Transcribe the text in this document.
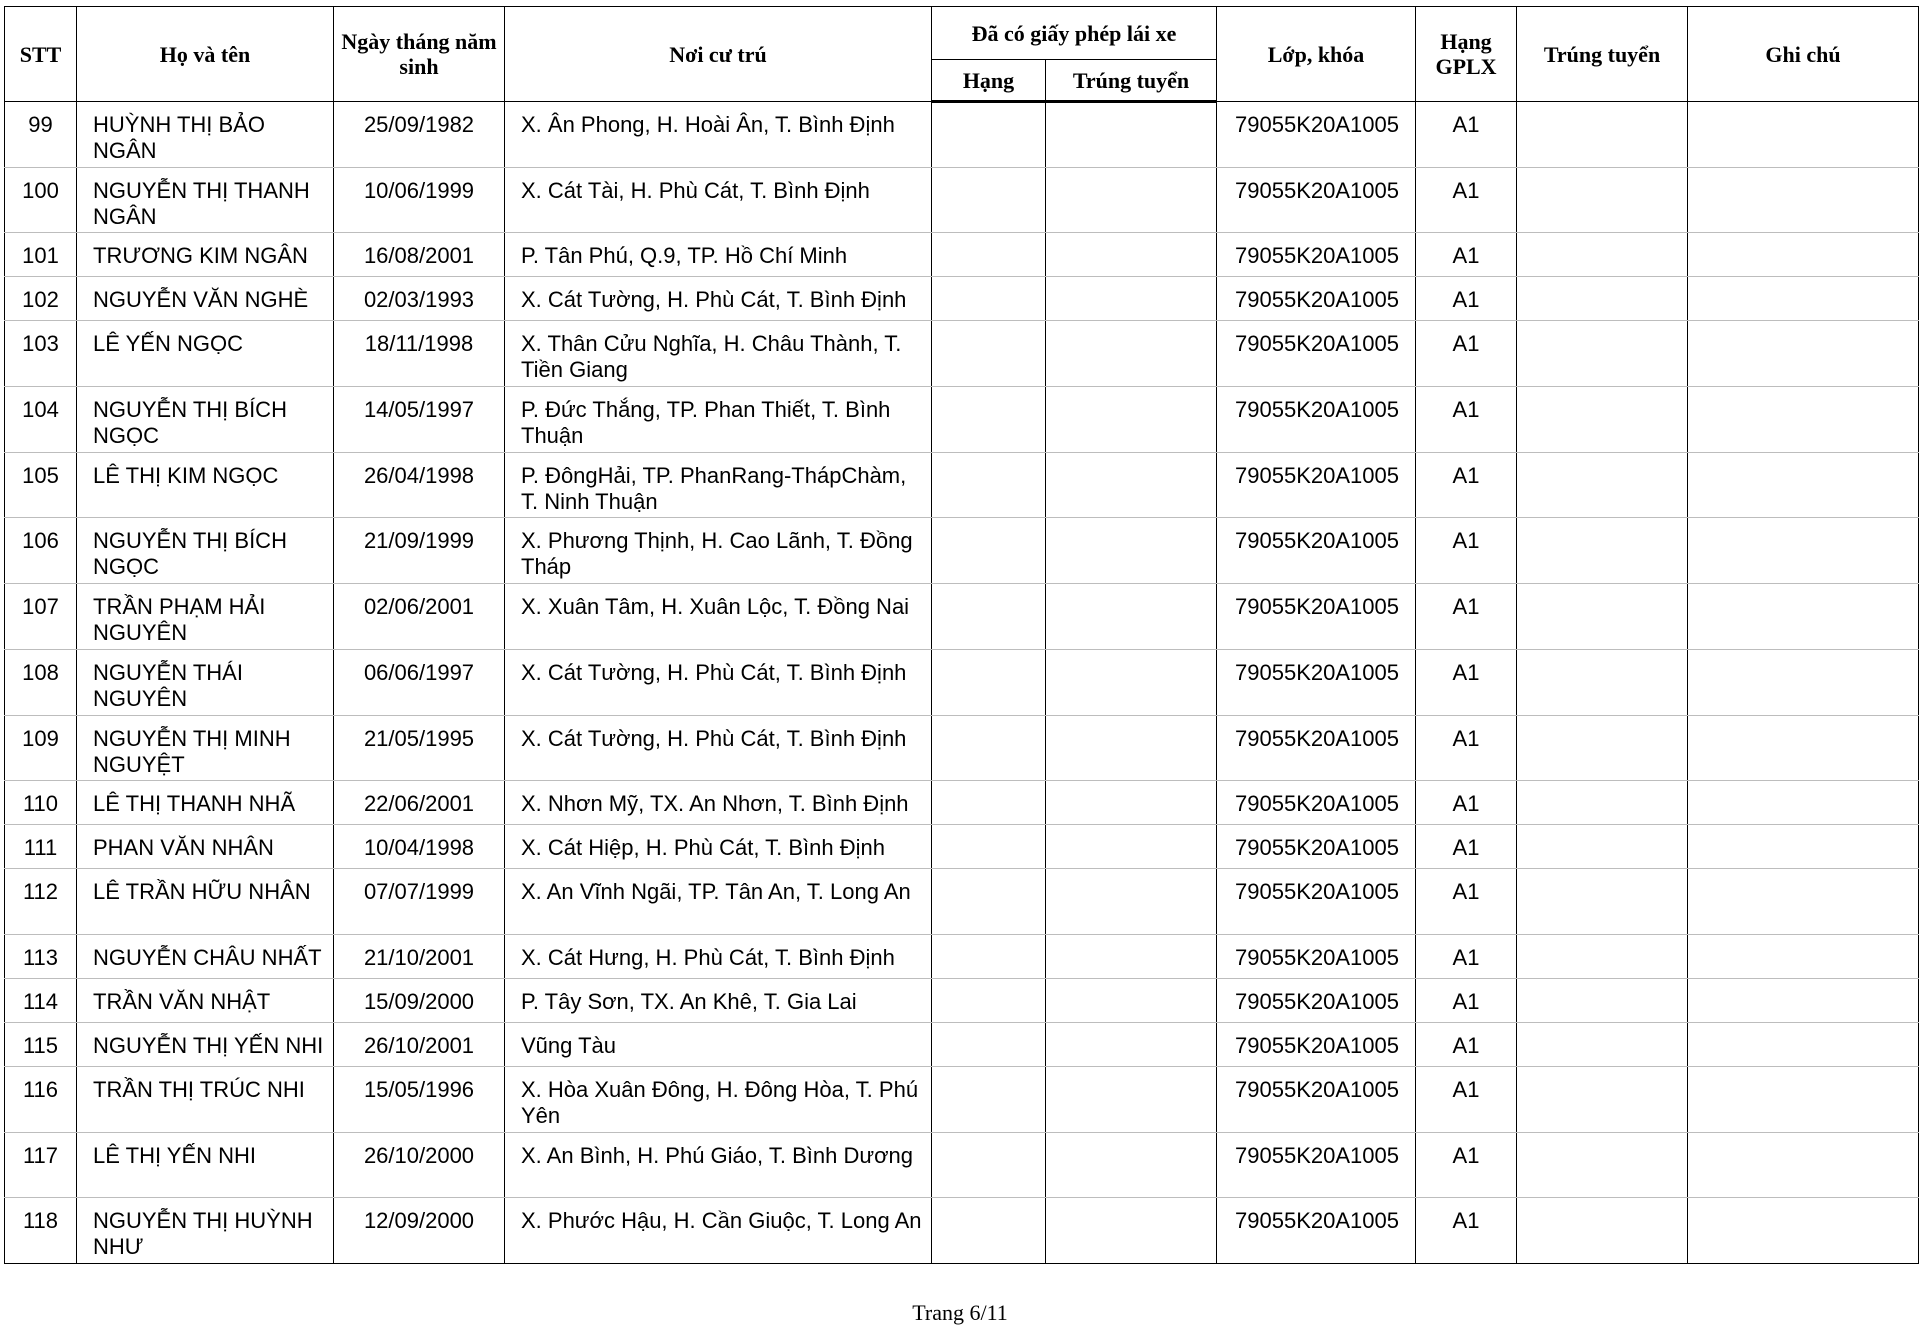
STT	Họ và tên	Ngày tháng năm sinh	Nơi cư trú	Đã có giấy phép lái xe		Lớp, khóa	Hạng GPLX	Trúng tuyển	Ghi chú
				Hạng	Trúng tuyển				
99	HUỲNH THỊ BẢO NGÂN	25/09/1982	X. Ân Phong, H. Hoài Ân, T. Bình Định			79055K20A1005	A1		
100	NGUYỄN THỊ THANH NGÂN	10/06/1999	X. Cát Tài, H. Phù Cát, T. Bình Định			79055K20A1005	A1		
101	TRƯƠNG KIM NGÂN	16/08/2001	P. Tân Phú, Q.9, TP. Hồ Chí Minh			79055K20A1005	A1		
102	NGUYỄN VĂN NGHÈ	02/03/1993	X. Cát Tường, H. Phù Cát, T. Bình Định			79055K20A1005	A1		
103	LÊ YẾN NGỌC	18/11/1998	X. Thân Cửu Nghĩa, H. Châu Thành, T. Tiền Giang			79055K20A1005	A1		
104	NGUYỄN THỊ BÍCH NGỌC	14/05/1997	P. Đức Thắng, TP. Phan Thiết, T. Bình Thuận			79055K20A1005	A1		
105	LÊ THỊ KIM NGỌC	26/04/1998	P. ĐôngHải, TP. PhanRang-ThápChàm, T. Ninh Thuận			79055K20A1005	A1		
106	NGUYỄN THỊ BÍCH NGỌC	21/09/1999	X. Phương Thịnh, H. Cao Lãnh, T. Đồng Tháp			79055K20A1005	A1		
107	TRẦN PHẠM HẢI NGUYÊN	02/06/2001	X. Xuân Tâm, H. Xuân Lộc, T. Đồng Nai			79055K20A1005	A1		
108	NGUYỄN THÁI NGUYÊN	06/06/1997	X. Cát Tường, H. Phù Cát, T. Bình Định			79055K20A1005	A1		
109	NGUYỄN THỊ MINH NGUYỆT	21/05/1995	X. Cát Tường, H. Phù Cát, T. Bình Định			79055K20A1005	A1		
110	LÊ THỊ THANH NHÃ	22/06/2001	X. Nhơn Mỹ, TX. An Nhơn, T. Bình Định			79055K20A1005	A1		
111	PHAN VĂN NHÂN	10/04/1998	X. Cát Hiệp, H. Phù Cát, T. Bình Định			79055K20A1005	A1		
112	LÊ TRẦN HỮU NHÂN	07/07/1999	X. An Vĩnh Ngãi, TP. Tân An, T. Long An			79055K20A1005	A1		
113	NGUYỄN CHÂU NHẤT	21/10/2001	X. Cát Hưng, H. Phù Cát, T. Bình Định			79055K20A1005	A1		
114	TRẦN VĂN NHẬT	15/09/2000	P. Tây Sơn, TX. An Khê, T. Gia Lai			79055K20A1005	A1		
115	NGUYỄN THỊ YẾN NHI	26/10/2001	Vũng Tàu			79055K20A1005	A1		
116	TRẦN THỊ TRÚC NHI	15/05/1996	X. Hòa Xuân Đông, H. Đông Hòa, T. Phú Yên			79055K20A1005	A1		
117	LÊ THỊ YẾN NHI	26/10/2000	X. An Bình, H. Phú Giáo, T. Bình Dương			79055K20A1005	A1		
118	NGUYỄN THỊ HUỲNH NHƯ	12/09/2000	X. Phước Hậu, H. Cần Giuộc, T. Long An			79055K20A1005	A1		
Trang 6/11
